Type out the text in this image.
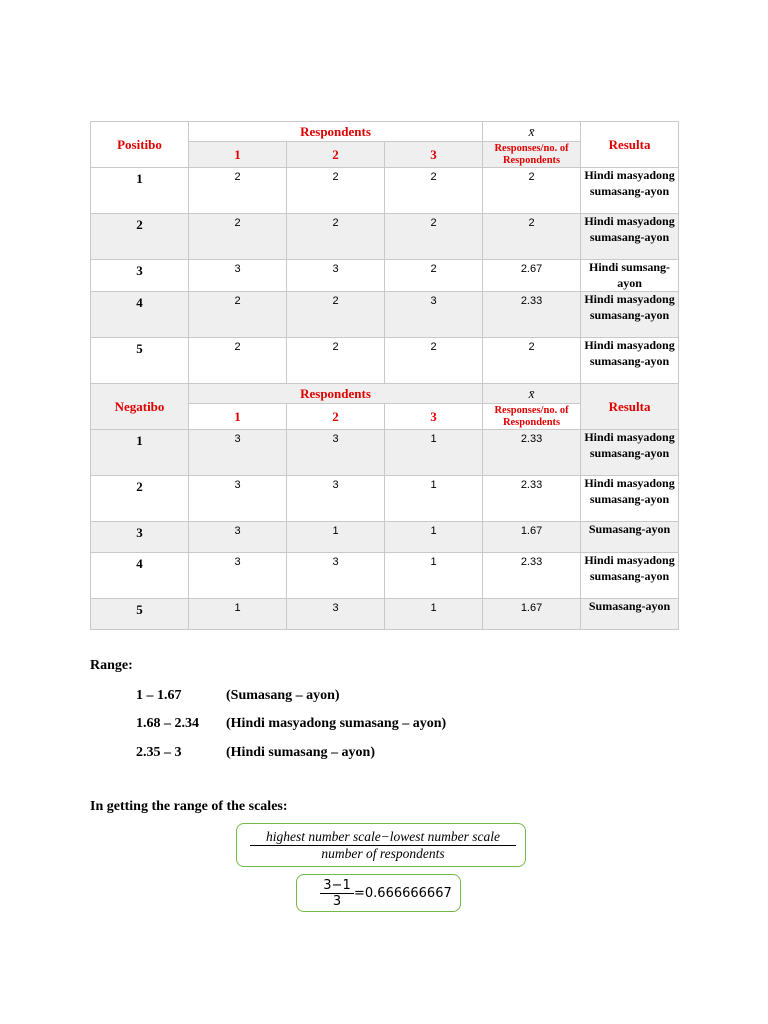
Positibo	Respondents			x̄	Resulta
	1	2	3	Responses/no. of Respondents	
1	2	2	2	2	Hindi masyadong sumasang-ayon
2	2	2	2	2	Hindi masyadong sumasang-ayon
3	3	3	2	2.67	Hindi sumsang-ayon
4	2	2	3	2.33	Hindi masyadong sumasang-ayon
5	2	2	2	2	Hindi masyadong sumasang-ayon
Negatibo	Respondents			x̄	Resulta
	1	2	3	Responses/no. of Respondents	
1	3	3	1	2.33	Hindi masyadong sumasang-ayon
2	3	3	1	2.33	Hindi masyadong sumasang-ayon
3	3	1	1	1.67	Sumasang-ayon
4	3	3	1	2.33	Hindi masyadong sumasang-ayon
5	1	3	1	1.67	Sumasang-ayon
Range:
1 – 1.67	(Sumasang – ayon)
1.68 – 2.34 (Hindi masyadong sumasang – ayon)
2.35 – 3	(Hindi sumasang – ayon)
In getting the range of the scales:
highest number scale−lowest number scale
number of respondents
$\frac{3-1}{3} =0.666666667$
